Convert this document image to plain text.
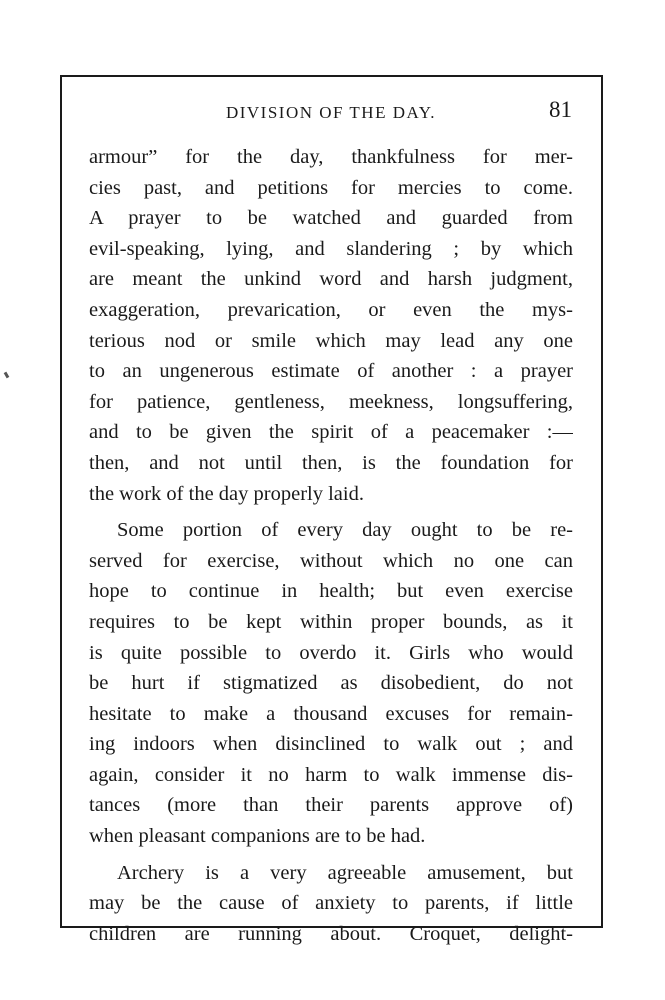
DIVISION OF THE DAY.	81
armour” for the day, thankfulness for mer-
cies past, and petitions for mercies to come.
A prayer to be watched and guarded from
evil-speaking, lying, and slandering ; by which
are meant the unkind word and harsh judgment,
exaggeration, prevarication, or even the mys-
terious nod or smile which may lead any one
to an ungenerous estimate of another : a prayer
for patience, gentleness, meekness, longsuffering,
and to be given the spirit of a peacemaker :—
then, and not until then, is the foundation for
the work of the day properly laid.
Some portion of every day ought to be re-
served for exercise, without which no one can
hope to continue in health; but even exercise
requires to be kept within proper bounds, as it
is quite possible to overdo it. Girls who would
be hurt if stigmatized as disobedient, do not
hesitate to make a thousand excuses for remain-
ing indoors when disinclined to walk out ; and
again, consider it no harm to walk immense dis-
tances (more than their parents approve of)
when pleasant companions are to be had.
Archery is a very agreeable amusement, but
may be the cause of anxiety to parents, if little
children are running about. Croquet, delight-
